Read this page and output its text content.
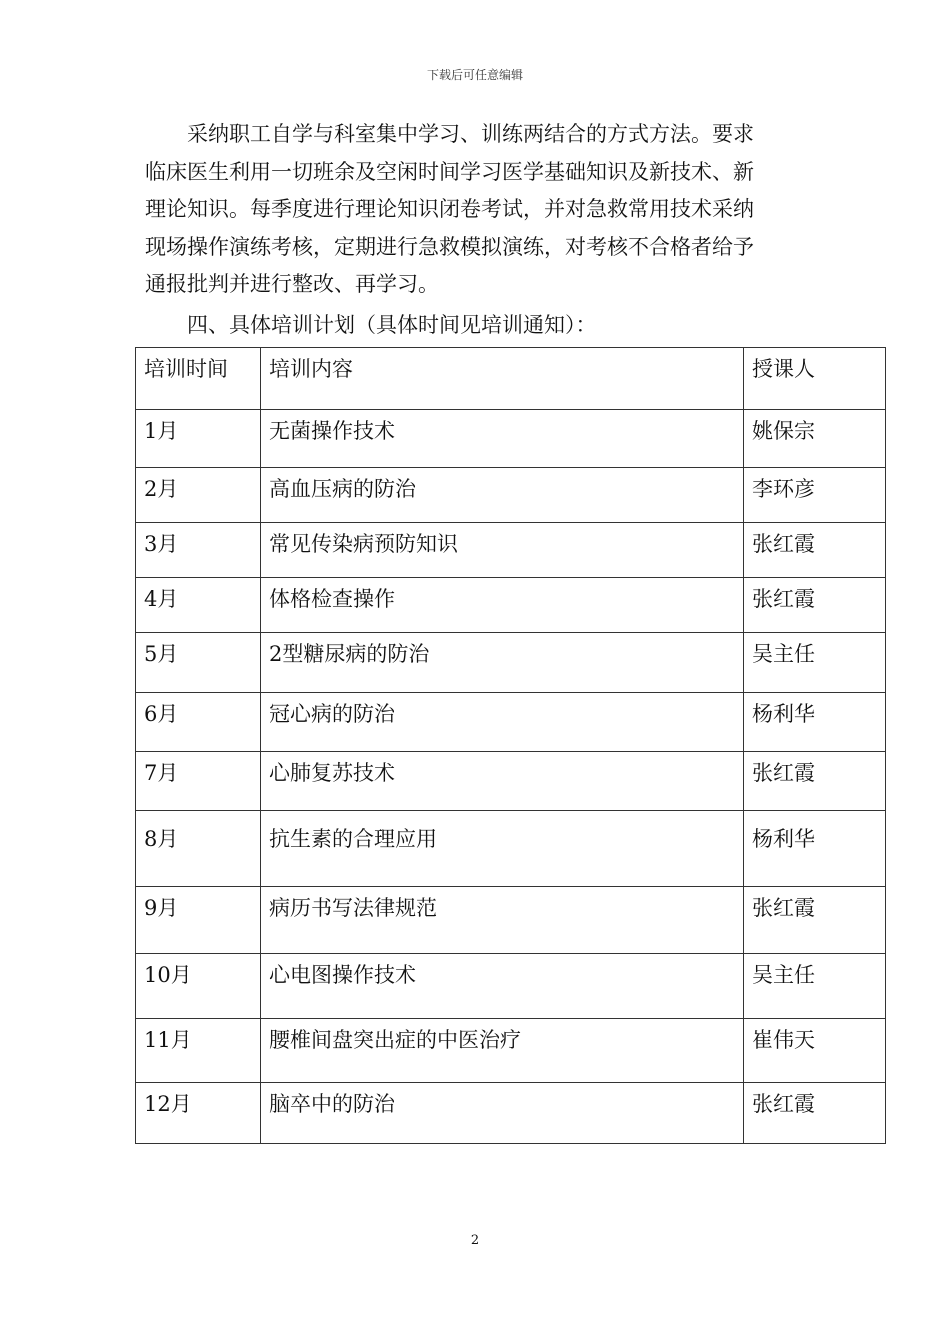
下载后可任意编辑
采纳职工自学与科室集中学习、训练两结合的方式方法。要求
临床医生利用一切班余及空闲时间学习医学基础知识及新技术、新
理论知识。每季度进行理论知识闭卷考试，并对急救常用技术采纳
现场操作演练考核，定期进行急救模拟演练，对考核不合格者给予
通报批判并进行整改、再学习。
四、具体培训计划（具体时间见培训通知）：
培训时间	培训内容	授课人
1月	无菌操作技术	姚保宗
2月	高血压病的防治	李环彦
3月	常见传染病预防知识	张红霞
4月	体格检查操作	张红霞
5月	2型糖尿病的防治	吴主任
6月	冠心病的防治	杨利华
7月	心肺复苏技术	张红霞
8月	抗生素的合理应用	杨利华
9月	病历书写法律规范	张红霞
10月	心电图操作技术	吴主任
11月	腰椎间盘突出症的中医治疗	崔伟天
12月	脑卒中的防治	张红霞
2
